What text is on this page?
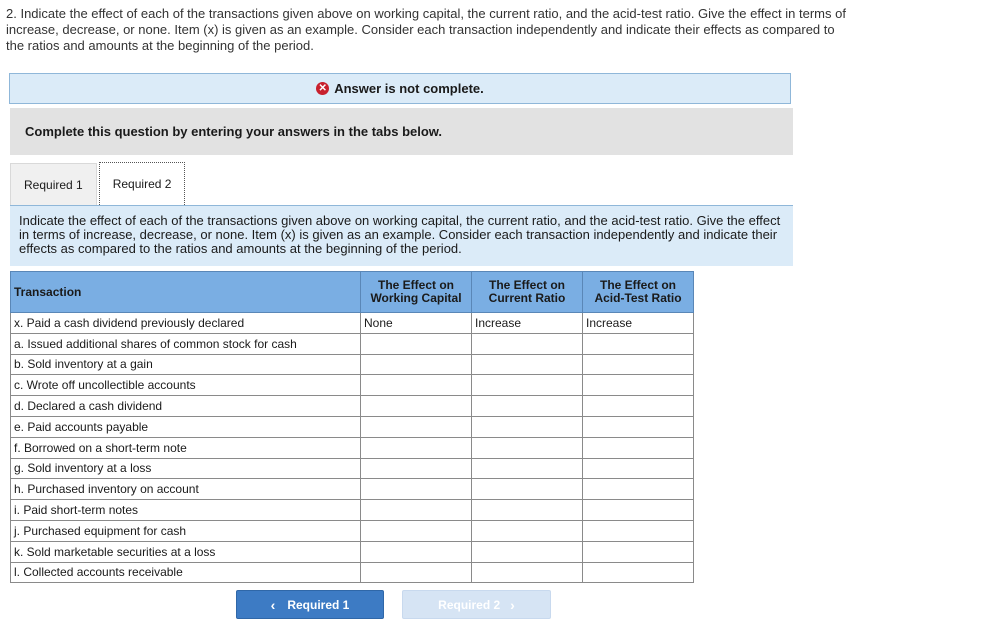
2. Indicate the effect of each of the transactions given above on working capital, the current ratio, and the acid-test ratio. Give the effect in terms of increase, decrease, or none. Item (x) is given as an example. Consider each transaction independently and indicate their effects as compared to the ratios and amounts at the beginning of the period.
✕ Answer is not complete.
Complete this question by entering your answers in the tabs below.
Required 1	Required 2
Indicate the effect of each of the transactions given above on working capital, the current ratio, and the acid-test ratio. Give the effect in terms of increase, decrease, or none. Item (x) is given as an example. Consider each transaction independently and indicate their effects as compared to the ratios and amounts at the beginning of the period.
Transaction	The Effect on Working Capital	The Effect on Current Ratio	The Effect on Acid-Test Ratio
x. Paid a cash dividend previously declared	None	Increase	Increase
a. Issued additional shares of common stock for cash			
b. Sold inventory at a gain			
c. Wrote off uncollectible accounts			
d. Declared a cash dividend			
e. Paid accounts payable			
f. Borrowed on a short-term note			
g. Sold inventory at a loss			
h. Purchased inventory on account			
i. Paid short-term notes			
j. Purchased equipment for cash			
k. Sold marketable securities at a loss			
l. Collected accounts receivable			
‹ Required 1	Required 2 ›
